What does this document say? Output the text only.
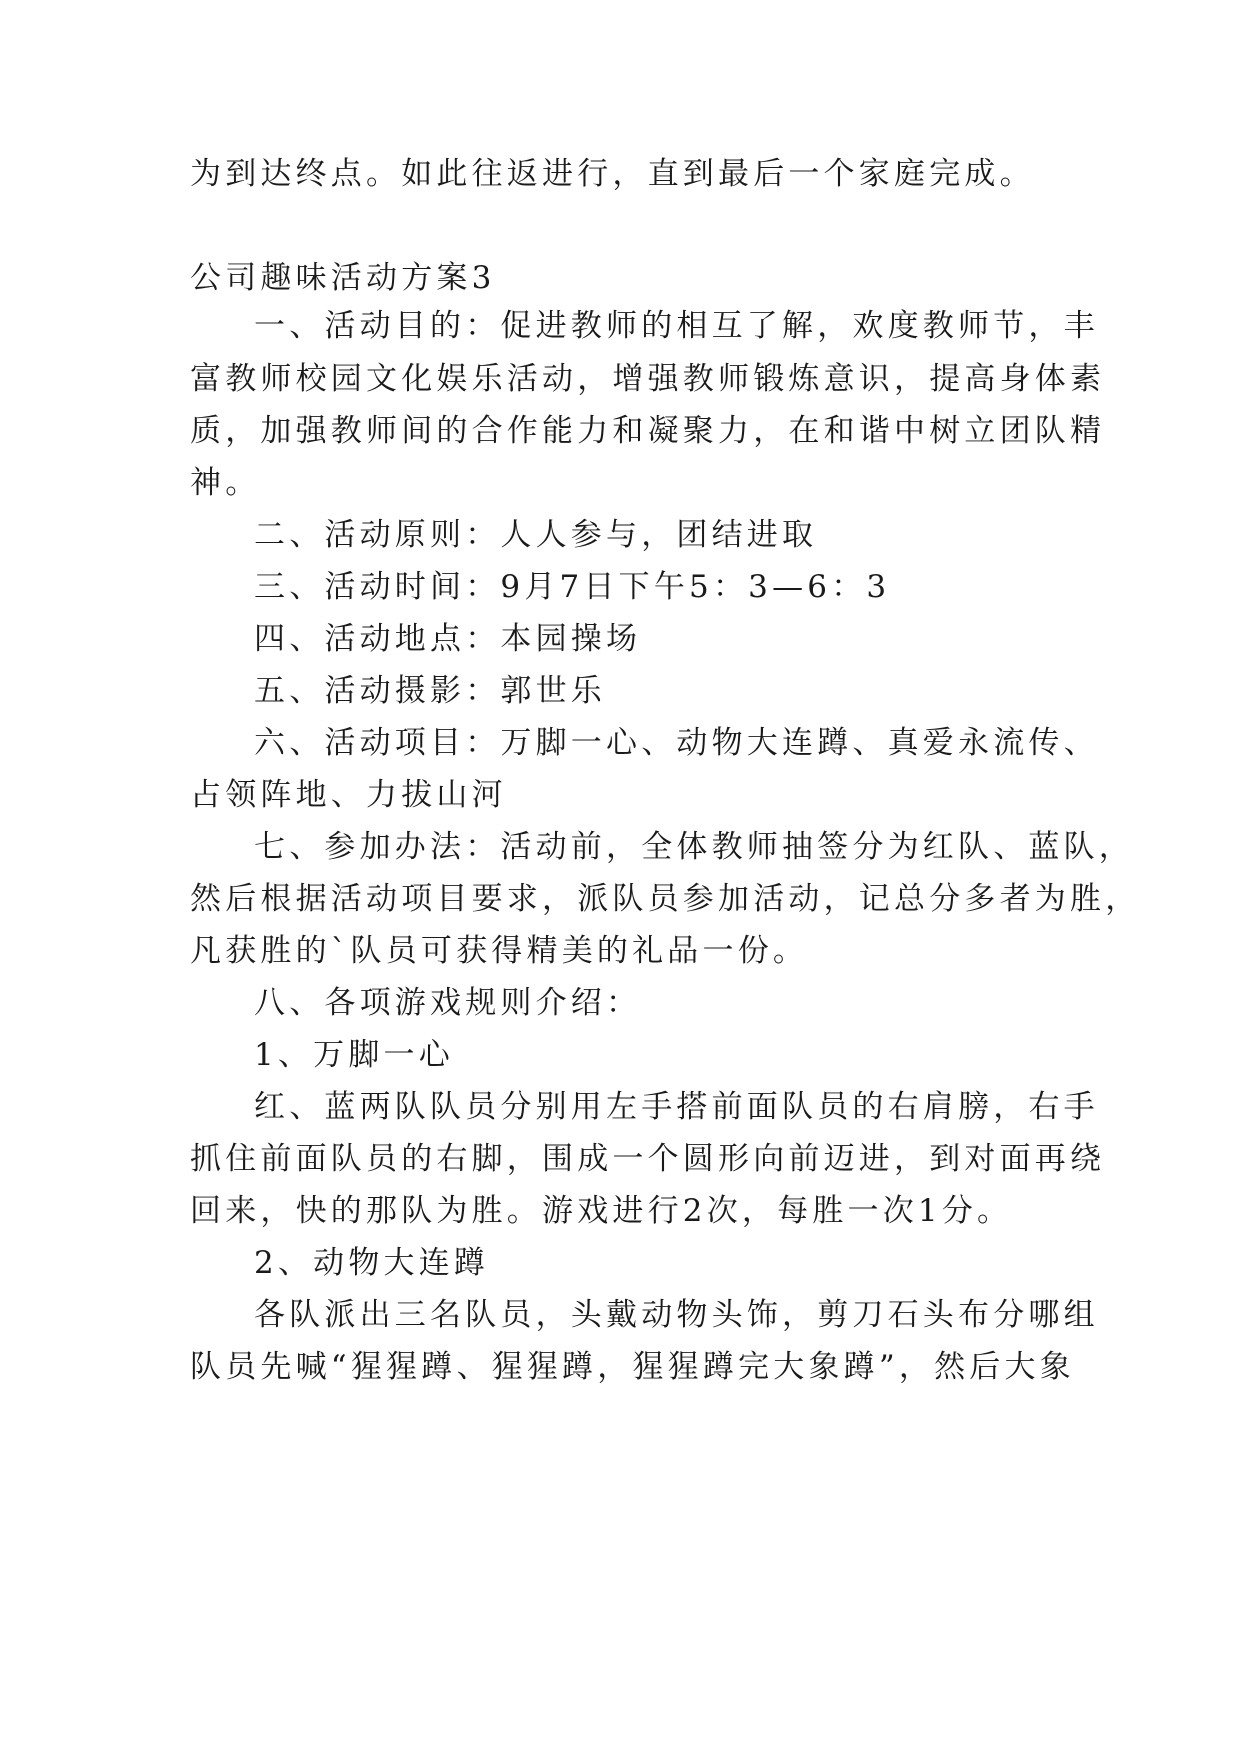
为到达终点。如此往返进行，直到最后一个家庭完成。
公司趣味活动方案3
一、活动目的：促进教师的相互了解，欢度教师节，丰
富教师校园文化娱乐活动，增强教师锻炼意识，提高身体素
质，加强教师间的合作能力和凝聚力，在和谐中树立团队精
神。
二、活动原则：人人参与，团结进取
三、活动时间：9月7日下午5：3—6：3
四、活动地点：本园操场
五、活动摄影：郭世乐
六、活动项目：万脚一心、动物大连蹲、真爱永流传、
占领阵地、力拔山河
七、参加办法：活动前，全体教师抽签分为红队、蓝队，
然后根据活动项目要求，派队员参加活动，记总分多者为胜，
凡获胜的`队员可获得精美的礼品一份。
八、各项游戏规则介绍：
1、万脚一心
红、蓝两队队员分别用左手搭前面队员的右肩膀，右手
抓住前面队员的右脚，围成一个圆形向前迈进，到对面再绕
回来，快的那队为胜。游戏进行2次，每胜一次1分。
2、动物大连蹲
各队派出三名队员，头戴动物头饰，剪刀石头布分哪组
队员先喊“猩猩蹲、猩猩蹲，猩猩蹲完大象蹲”，然后大象
